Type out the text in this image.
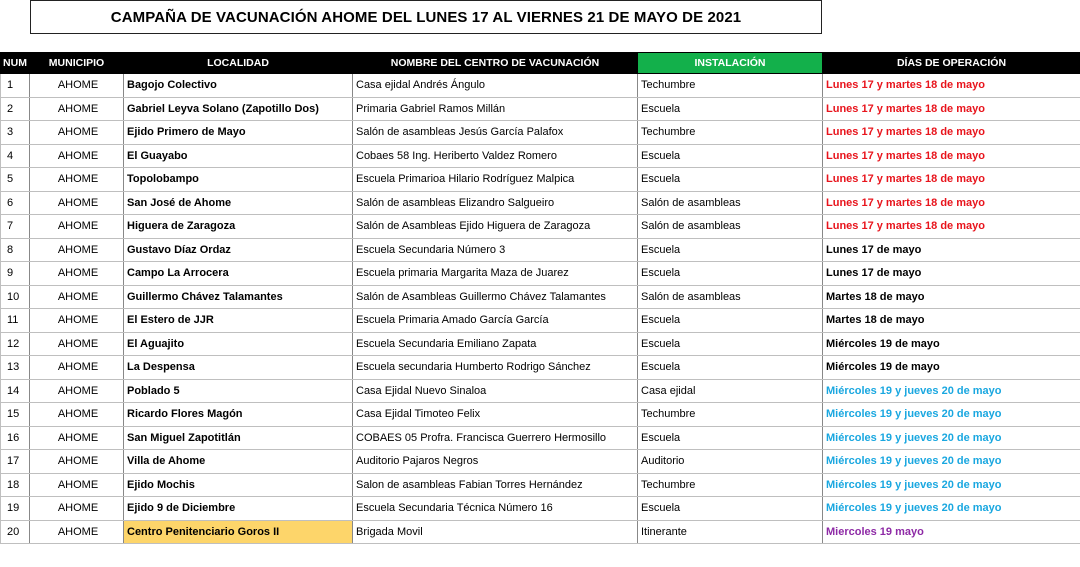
CAMPAÑA DE VACUNACIÓN AHOME DEL LUNES 17 AL VIERNES 21 DE MAYO DE 2021
NUM	MUNICIPIO	LOCALIDAD	NOMBRE DEL CENTRO DE VACUNACIÓN	INSTALACIÓN	DÍAS DE OPERACIÓN
1	AHOME	Bagojo Colectivo	Casa ejidal Andrés Ángulo	Techumbre	Lunes 17 y martes 18 de mayo
2	AHOME	Gabriel Leyva Solano (Zapotillo Dos)	Primaria Gabriel Ramos Millán	Escuela	Lunes 17 y martes 18 de mayo
3	AHOME	Ejido Primero de Mayo	Salón de asambleas Jesús García Palafox	Techumbre	Lunes 17 y martes 18 de mayo
4	AHOME	El Guayabo	Cobaes 58 Ing. Heriberto Valdez Romero	Escuela	Lunes 17 y martes 18 de mayo
5	AHOME	Topolobampo	Escuela Primarioa Hilario Rodríguez Malpica	Escuela	Lunes 17 y martes 18 de mayo
6	AHOME	San José de Ahome	Salón de asambleas Elizandro Salgueiro	Salón de asambleas	Lunes 17 y martes 18 de mayo
7	AHOME	Higuera de Zaragoza	Salón de Asambleas Ejido Higuera de Zaragoza	Salón de asambleas	Lunes 17 y martes 18 de mayo
8	AHOME	Gustavo Díaz Ordaz	Escuela Secundaria Número 3	Escuela	Lunes 17 de mayo
9	AHOME	Campo La Arrocera	Escuela primaria Margarita Maza de Juarez	Escuela	Lunes 17 de mayo
10	AHOME	Guillermo Chávez Talamantes	Salón de Asambleas Guillermo Chávez Talamantes	Salón de asambleas	Martes 18 de mayo
11	AHOME	El Estero de JJR	Escuela Primaria Amado García García	Escuela	Martes 18 de mayo
12	AHOME	El Aguajito	Escuela Secundaria Emiliano Zapata	Escuela	Miércoles 19 de mayo
13	AHOME	La Despensa	Escuela secundaria Humberto Rodrigo Sánchez	Escuela	Miércoles 19 de mayo
14	AHOME	Poblado 5	Casa Ejidal Nuevo Sinaloa	Casa ejidal	Miércoles 19 y jueves 20 de mayo
15	AHOME	Ricardo Flores Magón	Casa Ejidal Timoteo Felix	Techumbre	Miércoles 19 y jueves 20 de mayo
16	AHOME	San Miguel Zapotitlán	COBAES 05 Profra. Francisca Guerrero Hermosillo	Escuela	Miércoles 19 y jueves 20 de mayo
17	AHOME	Villa de Ahome	Auditorio Pajaros Negros	Auditorio	Miércoles 19 y jueves 20 de mayo
18	AHOME	Ejido Mochis	Salon de asambleas Fabian Torres Hernández	Techumbre	Miércoles 19 y jueves 20 de mayo
19	AHOME	Ejido 9 de Diciembre	Escuela Secundaria Técnica Número 16	Escuela	Miércoles 19 y jueves 20 de mayo
20	AHOME	Centro Penitenciario Goros II	Brigada Movil	Itinerante	Miercoles 19 mayo
